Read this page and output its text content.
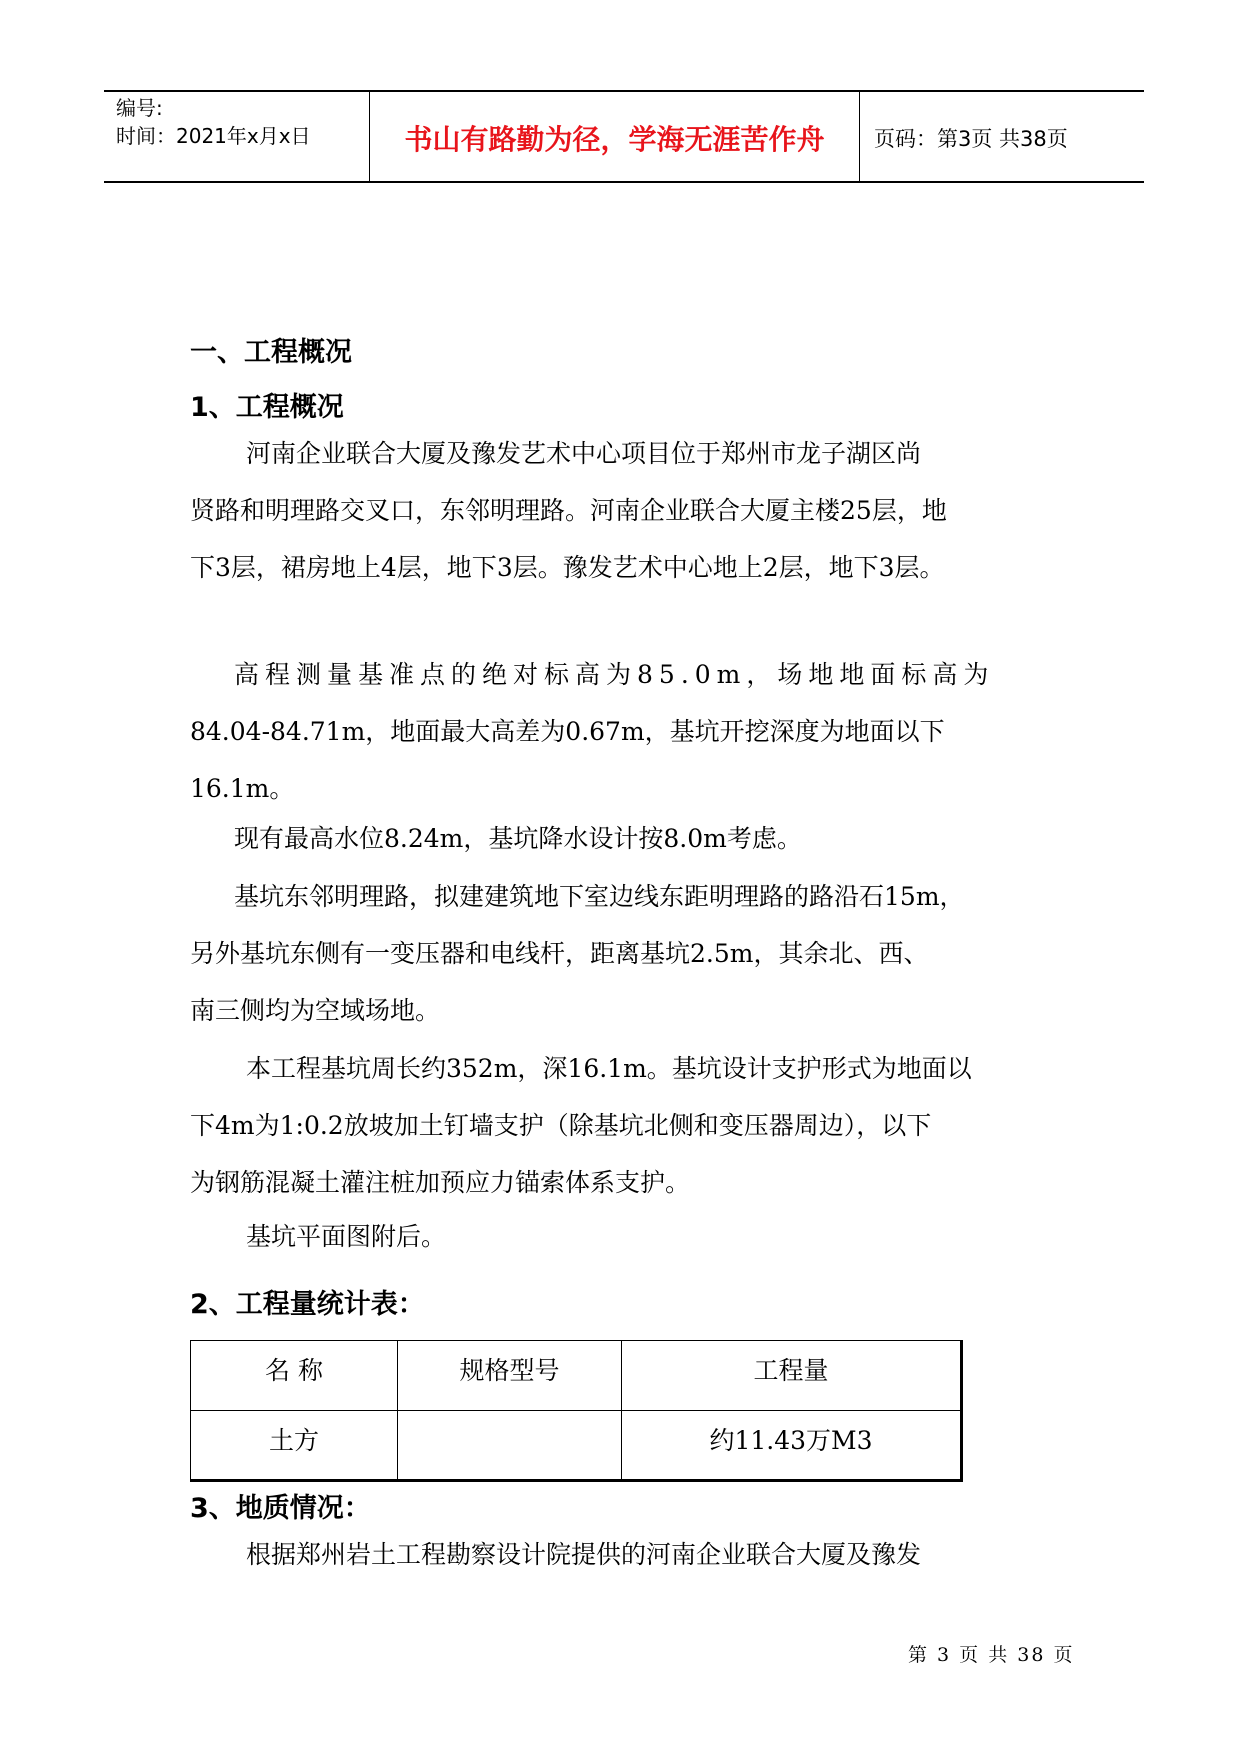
编号:
时间：2021年x月x日	书山有路勤为径，学海无涯苦作舟	页码：第3页 共38页
一、工程概况
1、工程概况
河南企业联合大厦及豫发艺术中心项目位于郑州市龙子湖区尚
贤路和明理路交叉口，东邻明理路。河南企业联合大厦主楼25层，地
下3层，裙房地上4层，地下3层。豫发艺术中心地上2层，地下3层。
高程测量基准点的绝对标高为85.0m，场地地面标高为
84.04-84.71m，地面最大高差为0.67m，基坑开挖深度为地面以下
16.1m。
现有最高水位8.24m，基坑降水设计按8.0m考虑。
基坑东邻明理路，拟建建筑地下室边线东距明理路的路沿石15m，
另外基坑东侧有一变压器和电线杆，距离基坑2.5m，其余北、西、
南三侧均为空域场地。
本工程基坑周长约352m，深16.1m。基坑设计支护形式为地面以
下4m为1:0.2放坡加土钉墙支护（除基坑北侧和变压器周边），以下
为钢筋混凝土灌注桩加预应力锚索体系支护。
基坑平面图附后。
2、工程量统计表：
名 称	规格型号	工程量
土方		约11.43万M3
3、地质情况：
根据郑州岩土工程勘察设计院提供的河南企业联合大厦及豫发
第 3 页 共 38 页
